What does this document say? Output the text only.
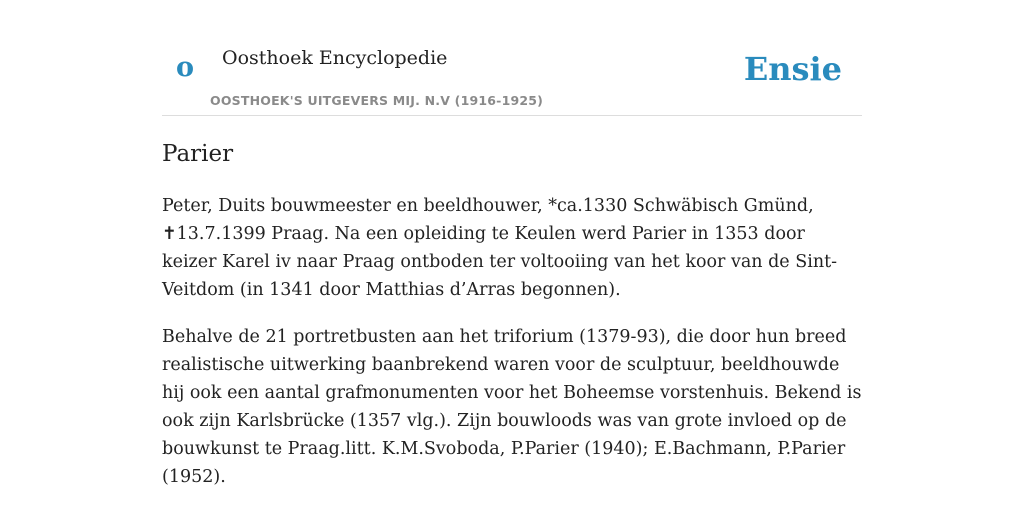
o Oosthoek Encyclopedie
OOSTHOEK'S UITGEVERS MIJ. N.V (1916-1925)
Ensie
Parier

Peter, Duits bouwmeester en beeldhouwer, *ca.1330 Schwäbisch Gmünd, ✝13.7.1399 Praag. Na een opleiding te Keulen werd Parier in 1353 door keizer Karel iv naar Praag ontboden ter voltooiing van het koor van de Sint-Veitdom (in 1341 door Matthias d’Arras begonnen).

Behalve de 21 portretbusten aan het triforium (1379-93), die door hun breed realistische uitwerking baanbrekend waren voor de sculptuur, beeldhouwde hij ook een aantal grafmonumenten voor het Boheemse vorstenhuis. Bekend is ook zijn Karlsbrücke (1357 vlg.). Zijn bouwloods was van grote invloed op de bouwkunst te Praag.litt. K.M.Svoboda, P.Parier (1940); E.Bachmann, P.Parier (1952).
